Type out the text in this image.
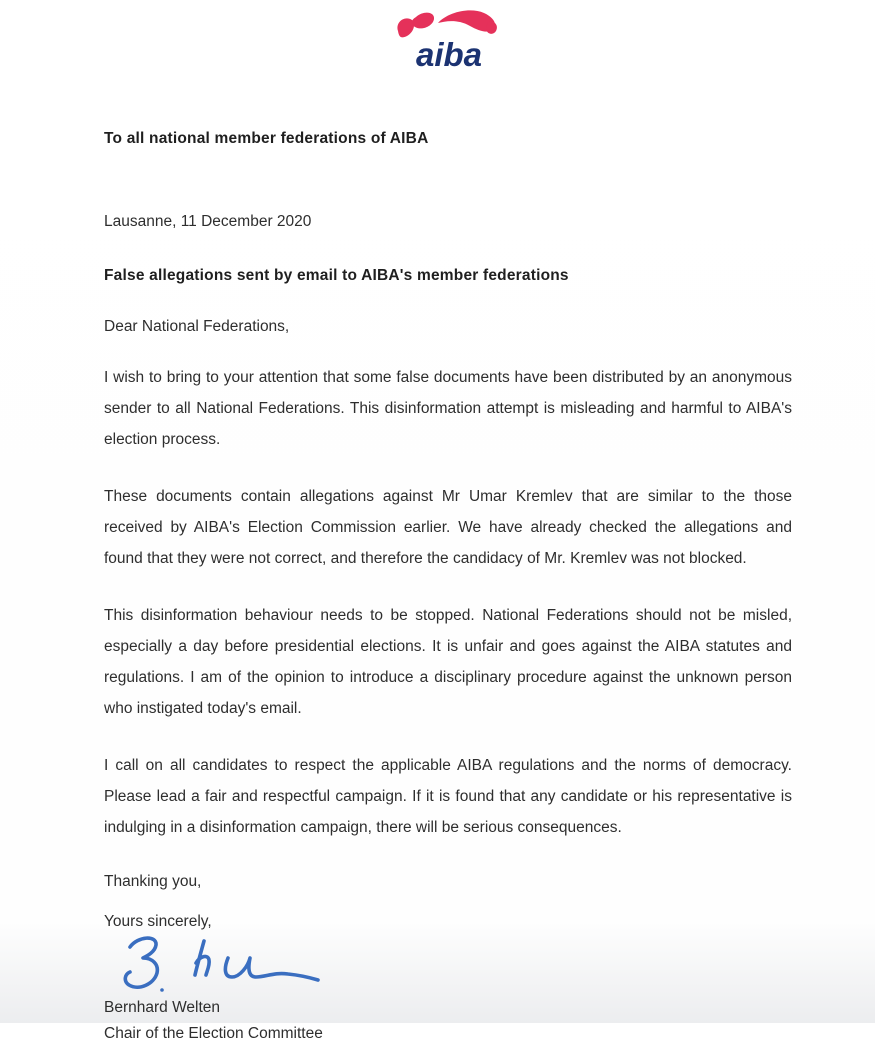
aiba
To all national member federations of AIBA
Lausanne, 11 December 2020
False allegations sent by email to AIBA's member federations
Dear National Federations,

I wish to bring to your attention that some false documents have been distributed by an anonymous sender to all National Federations. This disinformation attempt is misleading and harmful to AIBA's election process.

These documents contain allegations against Mr Umar Kremlev that are similar to the those received by AIBA's Election Commission earlier. We have already checked the allegations and found that they were not correct, and therefore the candidacy of Mr. Kremlev was not blocked.

This disinformation behaviour needs to be stopped. National Federations should not be misled, especially a day before presidential elections. It is unfair and goes against the AIBA statutes and regulations. I am of the opinion to introduce a disciplinary procedure against the unknown person who instigated today's email.

I call on all candidates to respect the applicable AIBA regulations and the norms of democracy. Please lead a fair and respectful campaign. If it is found that any candidate or his representative is indulging in a disinformation campaign, there will be serious consequences.

Thanking you,
Yours sincerely,
Bernhard Welten
Chair of the Election Committee
